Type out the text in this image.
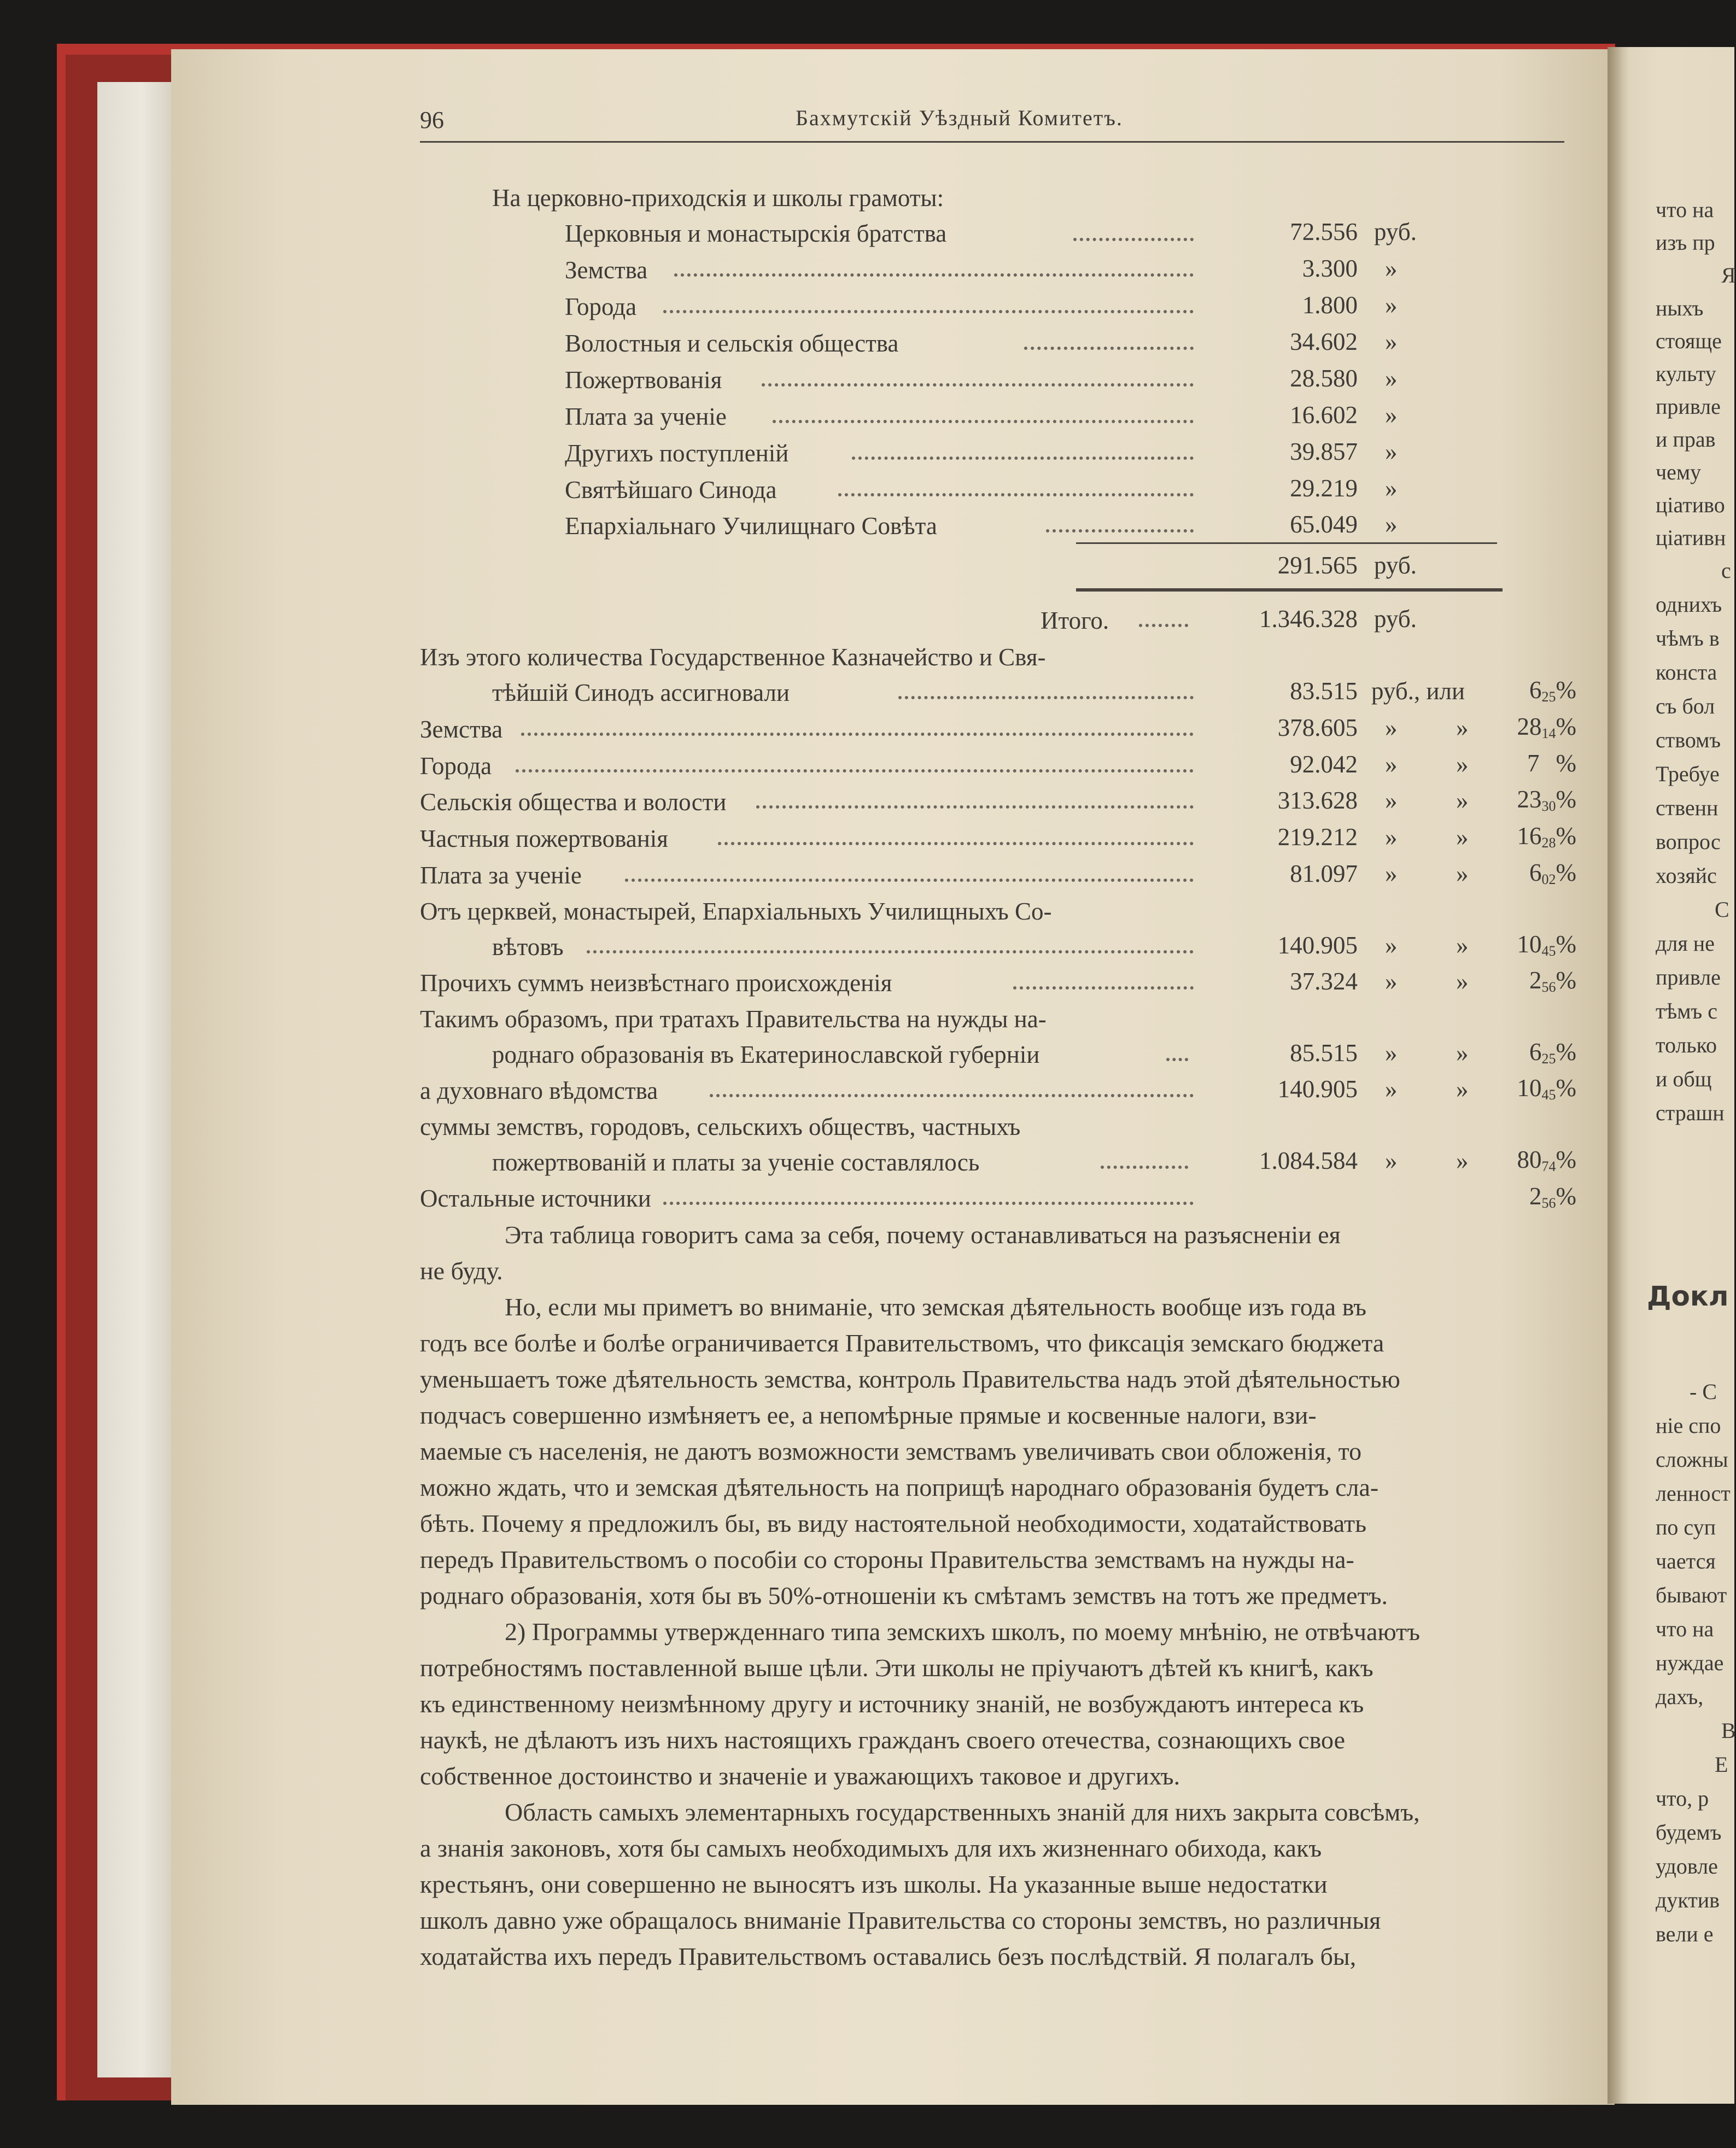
96	Бахмутскій Уѣздный Комитетъ.
На церковно-приходскія и школы грамоты:
Церковныя и монастырскія братства	72.556 руб.
Земства	3.300 »
Города	1.800 »
Волостныя и сельскія общества	34.602 »
Пожертвованія	28.580 »
Плата за ученіе	16.602 »
Другихъ поступленій	39.857 »
Святѣйшаго Синода	29.219 »
Епархіальнаго Училищнаго Совѣта	65.049 »
291.565 руб.
Итого.	1.346.328 руб.
Изъ этого количества Государственное Казначейство и Свя-
тѣйшій Синодъ ассигновали	83.515 руб., или	$6_{25}\%$
Земства	378.605 » »	$28_{14}\%$
Города	92.042 » »	7 %
Сельскія общества и волости	313.628 » »	$23_{30}\%$
Частныя пожертвованія	219.212 » »	$16_{28}\%$
Плата за ученіе	81.097 » »	$6_{02}\%$
Отъ церквей, монастырей, Епархіальныхъ Училищныхъ Со-
вѣтовъ	140.905 » »	$10_{45}\%$
Прочихъ суммъ неизвѣстнаго происхожденія	37.324 » »	$2_{56}\%$
Такимъ образомъ, при тратахъ Правительства на нужды на-
роднаго образованія въ Екатеринославской губерніи	85.515 » »	$6_{25}\%$
а духовнаго вѣдомства	140.905 » »	$10_{45}\%$
суммы земствъ, городовъ, сельскихъ обществъ, частныхъ
пожертвованій и платы за ученіе составлялось	1.084.584 » »	$80_{74}\%$
Остальные источники	$2_{56}\%$
Эта таблица говоритъ сама за себя, почему останавливаться на разъясненіи ея
не буду.
Но, если мы приметъ во вниманіе, что земская дѣятельность вообще изъ года въ
годъ все болѣе и болѣе ограничивается Правительствомъ, что фиксація земскаго бюджета
уменьшаетъ тоже дѣятельность земства, контроль Правительства надъ этой дѣятельностью
подчасъ совершенно измѣняетъ ее, а непомѣрные прямые и косвенные налоги, взи-
маемые съ населенія, не даютъ возможности земствамъ увеличивать свои обложенія, то
можно ждать, что и земская дѣятельность на поприщѣ народнаго образованія будетъ сла-
бѣть. Почему я предложилъ бы, въ виду настоятельной необходимости, ходатайствовать
передъ Правительствомъ о пособіи со стороны Правительства земствамъ на нужды на-
роднаго образованія, хотя бы въ 50%-отношеніи къ смѣтамъ земствъ на тотъ же предметъ.
2) Программы утвержденнаго типа земскихъ школъ, по моему мнѣнію, не отвѣчаютъ
потребностямъ поставленной выше цѣли. Эти школы не пріучаютъ дѣтей къ книгѣ, какъ
къ единственному неизмѣнному другу и источнику знаній, не возбуждаютъ интереса къ
наукѣ, не дѣлаютъ изъ нихъ настоящихъ гражданъ своего отечества, сознающихъ свое
собственное достоинство и значеніе и уважающихъ таковое и другихъ.
Область самыхъ элементарныхъ государственныхъ знаній для нихъ закрыта совсѣмъ,
а знанія законовъ, хотя бы самыхъ необходимыхъ для ихъ жизненнаго обихода, какъ
крестьянъ, они совершенно не выносятъ изъ школы. На указанные выше недостатки
школъ давно уже обращалось вниманіе Правительства со стороны земствъ, но различныя
ходатайства ихъ передъ Правительствомъ оставались безъ послѣдствій. Я полагалъ бы,
что на
изъ пр
Я
ныхъ
стояще
культу
привле
и прав
чему
ціативо
ціативн
с
однихъ
чѣмъ в
конста
съ бол
ствомъ
Требуе
ственн
вопрос
хозяйс
С
для не
привле
тѣмъ с
только
и общ
страшн
Докл
- С
ніе спо
сложны
ленност
по суп
чается
бывают
что на
нуждае
дахъ,
В
Е
что, р
будемъ
удовле
дуктив
вели е
